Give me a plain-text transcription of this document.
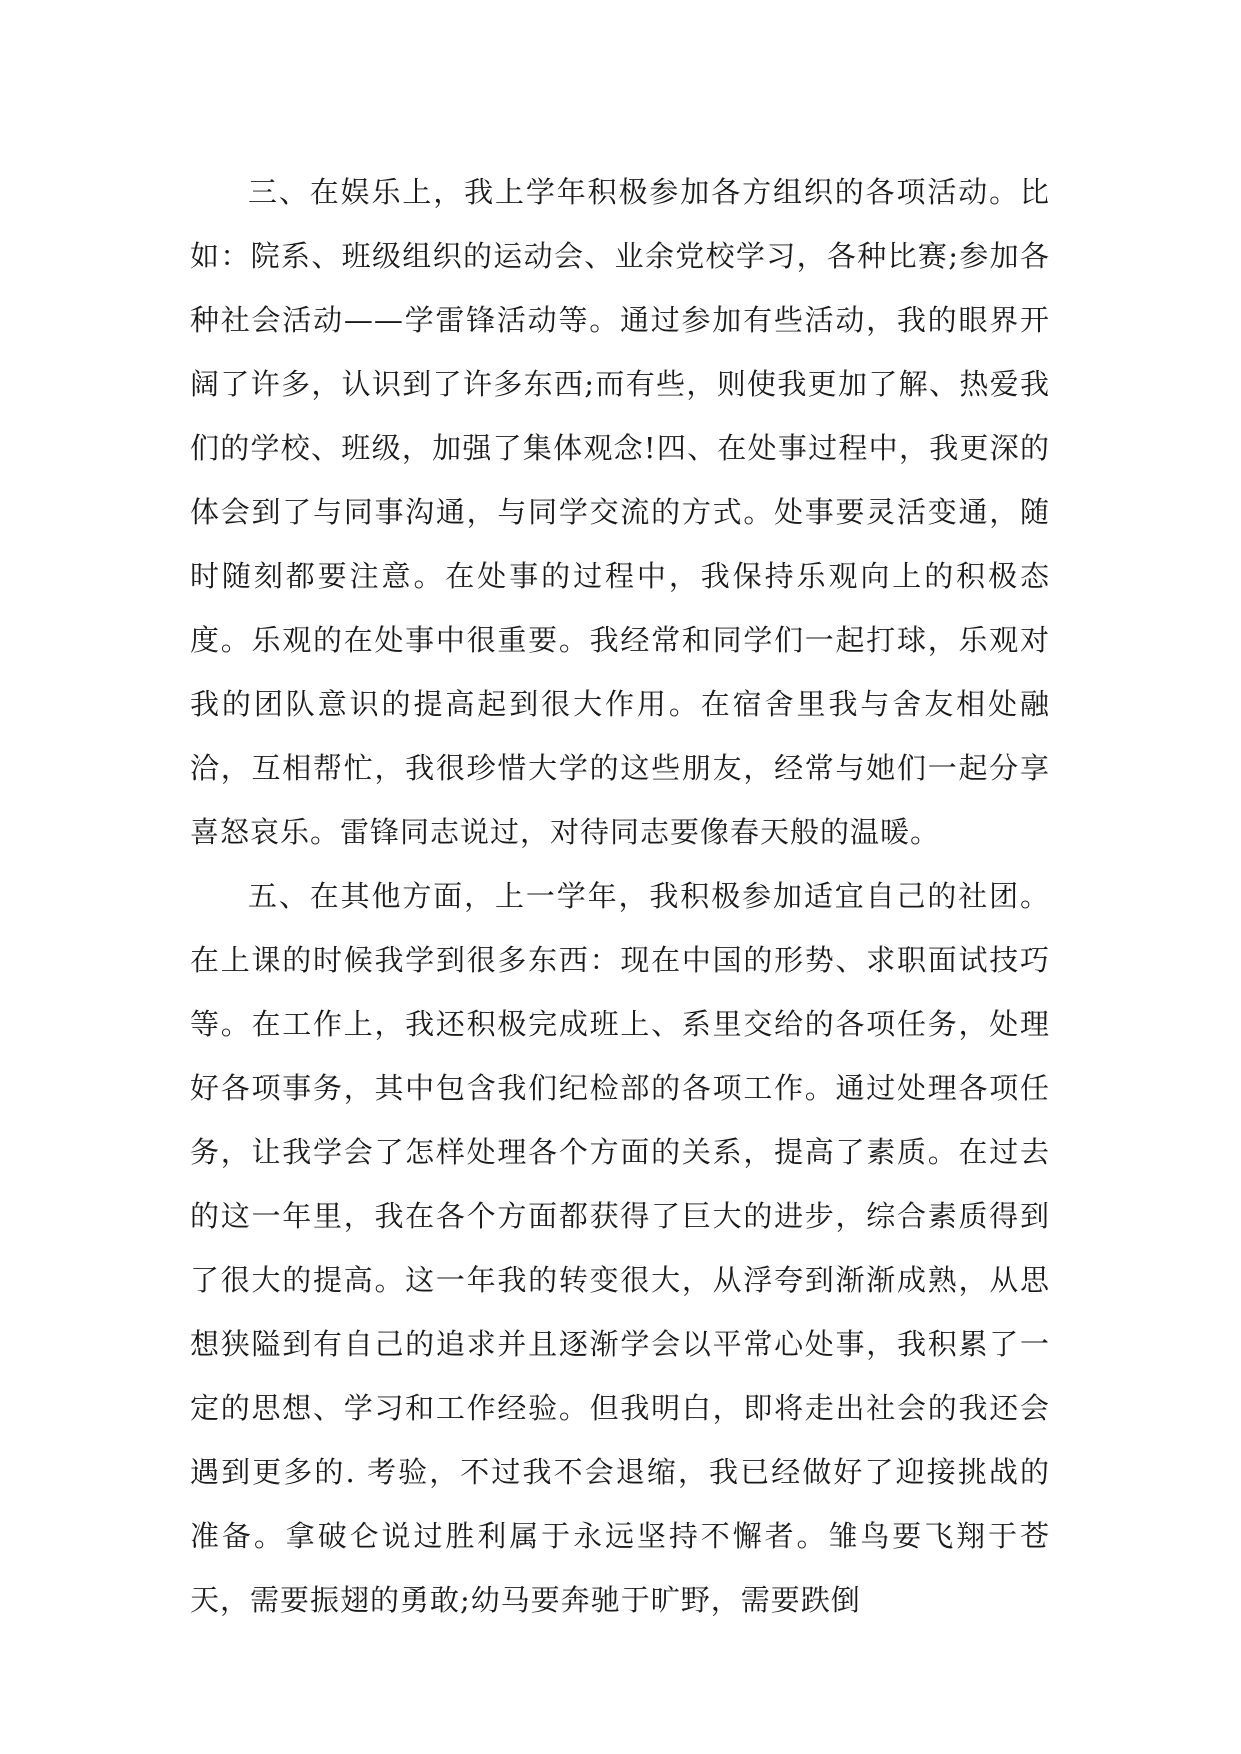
三、在娱乐上，我上学年积极参加各方组织的各项活动。比如：院系、班级组织的运动会、业余党校学习，各种比赛;参加各种社会活动——学雷锋活动等。通过参加有些活动，我的眼界开阔了许多，认识到了许多东西;而有些，则使我更加了解、热爱我们的学校、班级，加强了集体观念!四、在处事过程中，我更深的体会到了与同事沟通，与同学交流的方式。处事要灵活变通，随时随刻都要注意。在处事的过程中，我保持乐观向上的积极态度。乐观的在处事中很重要。我经常和同学们一起打球，乐观对我的团队意识的提高起到很大作用。在宿舍里我与舍友相处融洽，互相帮忙，我很珍惜大学的这些朋友，经常与她们一起分享喜怒哀乐。雷锋同志说过，对待同志要像春天般的温暖。

五、在其他方面，上一学年，我积极参加适宜自己的社团。在上课的时候我学到很多东西：现在中国的形势、求职面试技巧等。在工作上，我还积极完成班上、系里交给的各项任务，处理好各项事务，其中包含我们纪检部的各项工作。通过处理各项任务，让我学会了怎样处理各个方面的关系，提高了素质。在过去的这一年里，我在各个方面都获得了巨大的进步，综合素质得到了很大的提高。这一年我的转变很大，从浮夸到渐渐成熟，从思想狭隘到有自己的追求并且逐渐学会以平常心处事，我积累了一定的思想、学习和工作经验。但我明白，即将走出社会的我还会遇到更多的. 考验，不过我不会退缩，我已经做好了迎接挑战的准备。拿破仑说过胜利属于永远坚持不懈者。雏鸟要飞翔于苍天，需要振翅的勇敢;幼马要奔驰于旷野，需要跌倒
